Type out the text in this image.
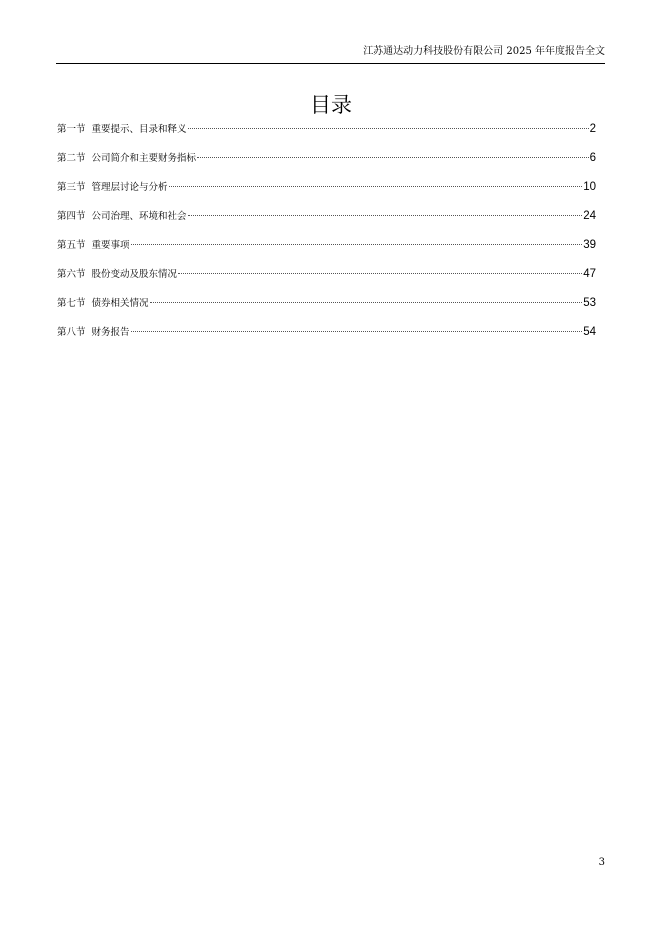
江苏通达动力科技股份有限公司 2025 年年度报告全文
目录
第一节 重要提示、目录和释义	2
第二节 公司简介和主要财务指标	6
第三节 管理层讨论与分析	10
第四节 公司治理、环境和社会	24
第五节 重要事项	39
第六节 股份变动及股东情况	47
第七节 债券相关情况	53
第八节 财务报告	54
3
